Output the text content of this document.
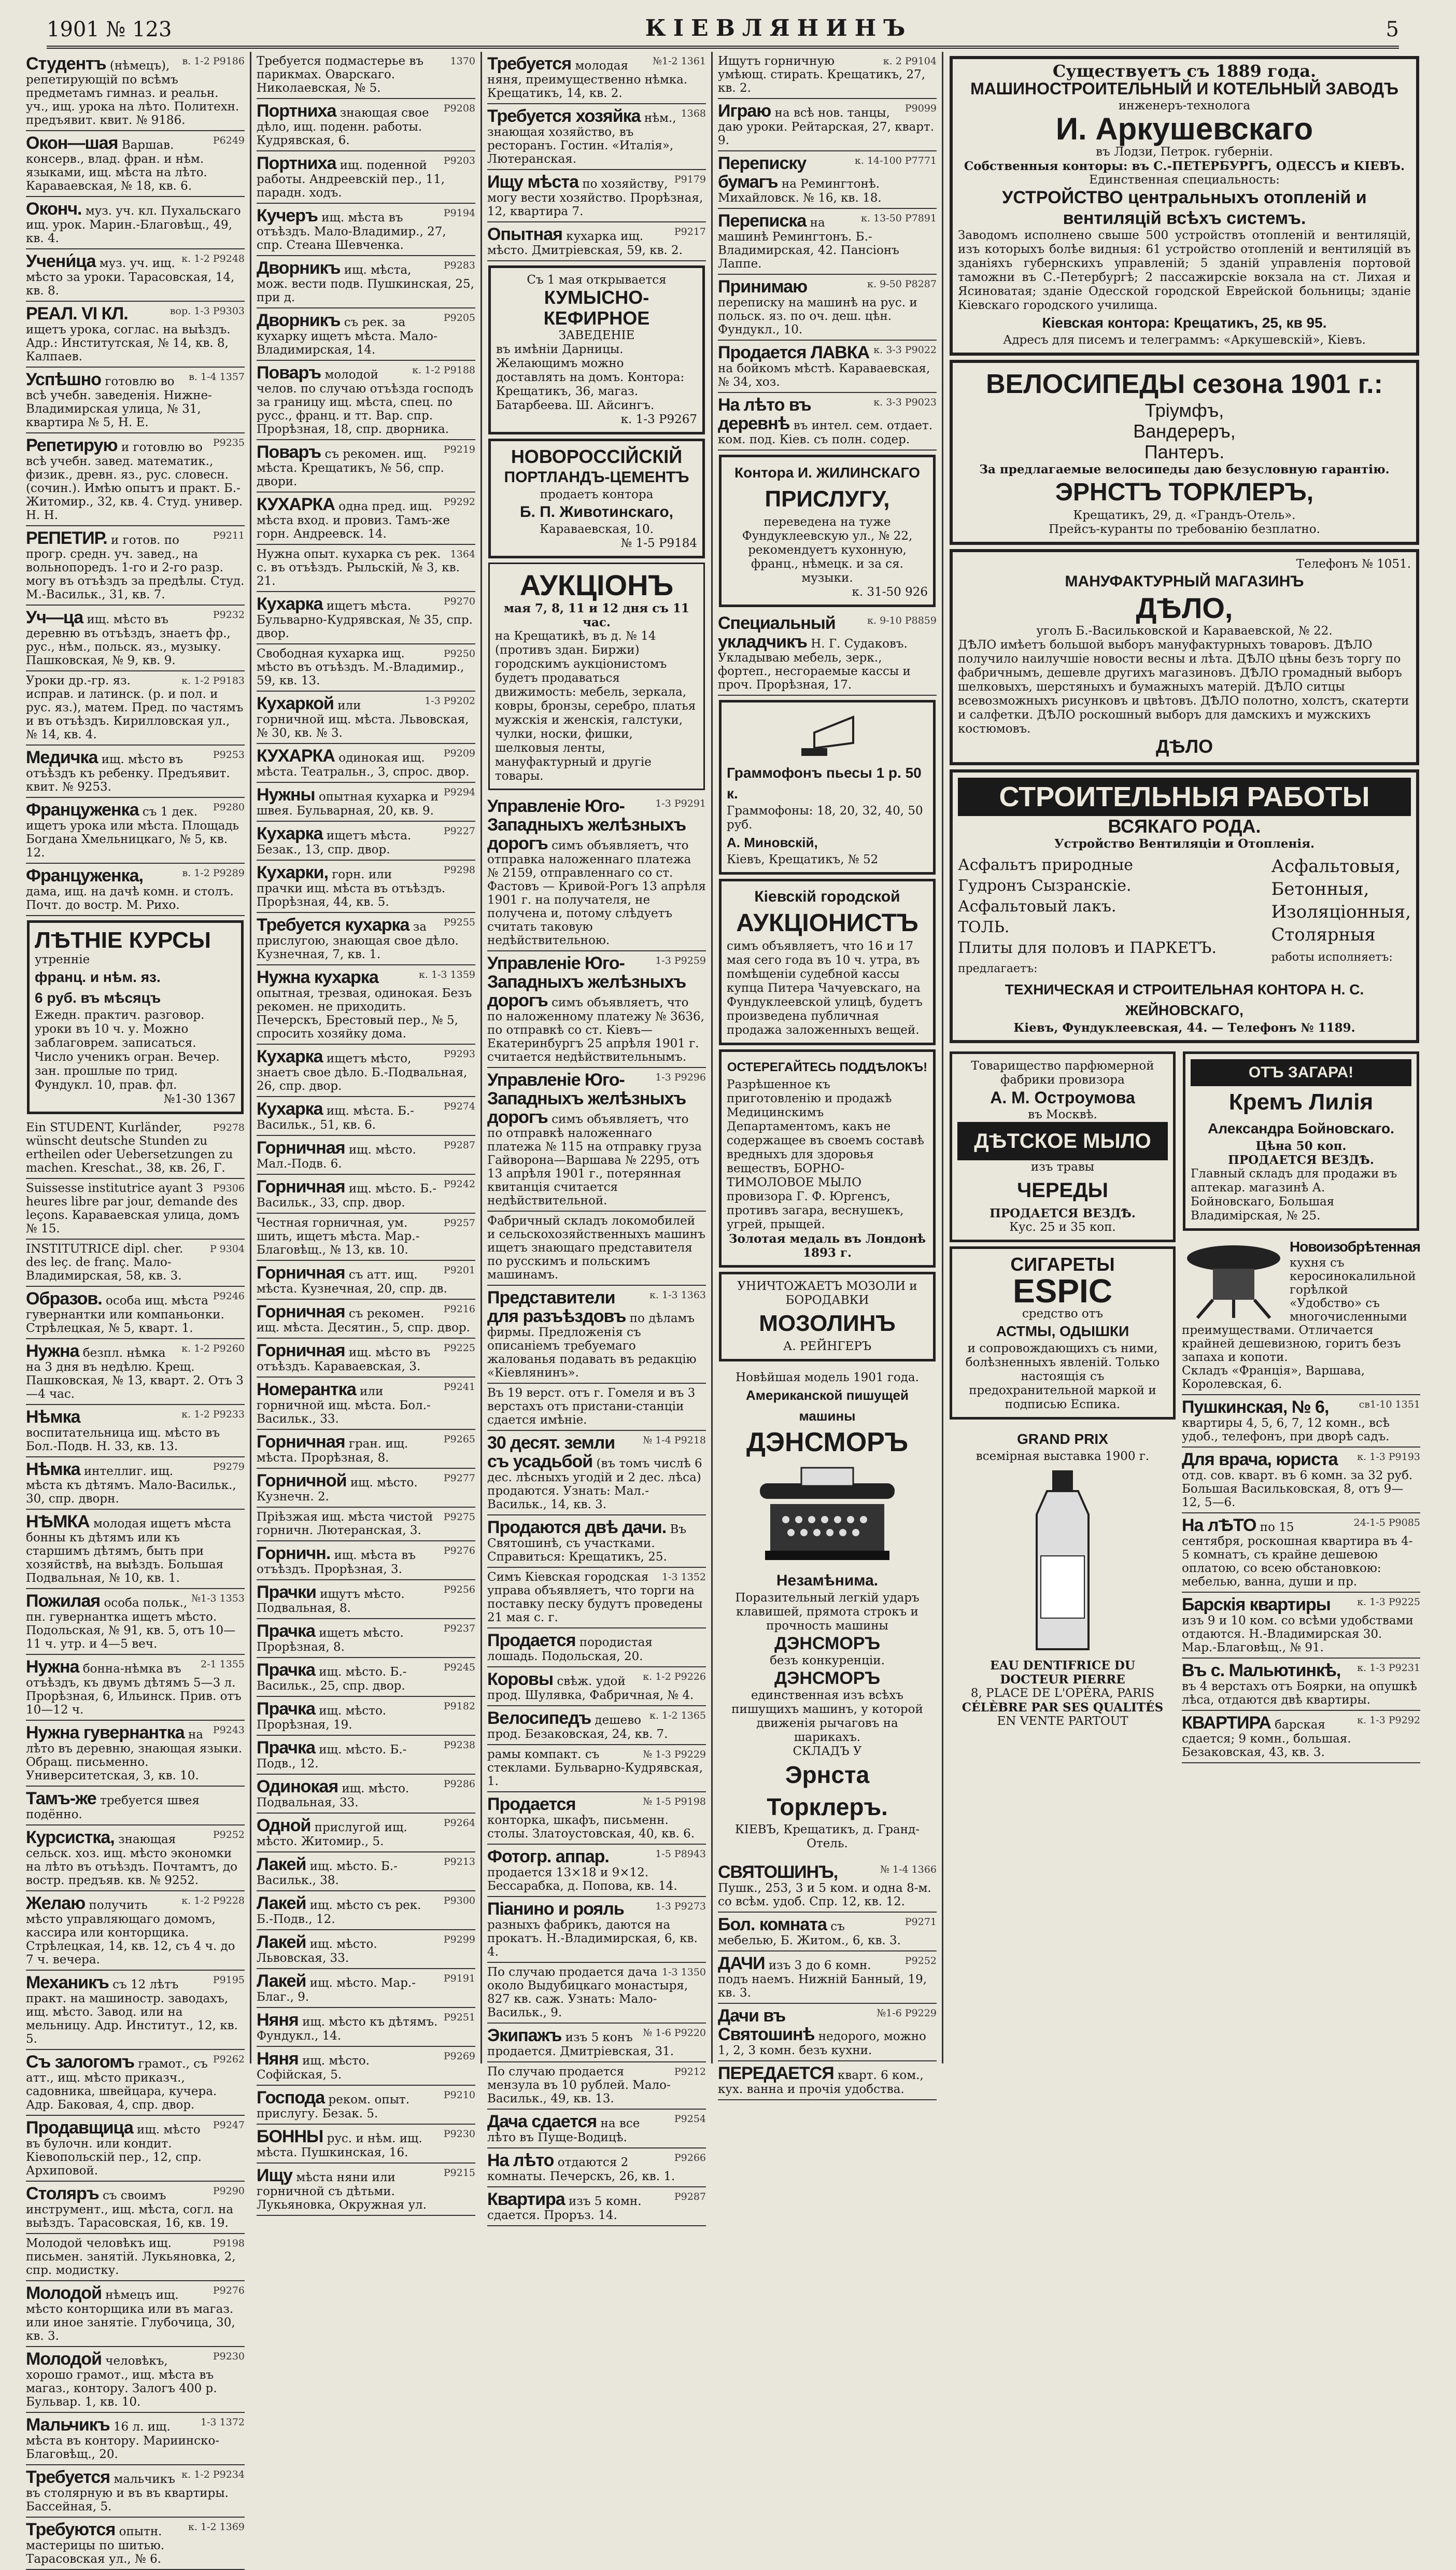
1901 № 123	КІЕВЛЯНИНЪ	5
в. 1-2 Р9186
Студентъ (нѣмецъ), репетирующій по всѣмъ предметамъ гимназ. и реальн. уч., ищ. урока на лѣто. Политехн. предъявит. квит. № 9186.
Р6249
Окон—шая Варшав. консерв., влад. фран. и нѣм. языками, ищ. мѣста на лѣто. Караваевская, № 18, кв. 6.
Оконч. муз. уч. кл. Пухальскаго ищ. урок. Марин.-Благовѣщ., 49, кв. 4.
к. 1-2 Р9248
Учени́ца муз. уч. ищ. мѣсто за уроки. Тарасовская, 14, кв. 8.
вор. 1-3 Р9303
РЕАЛ. VI КЛ. ищетъ урока, соглас. на выѣздъ. Адр.: Институтская, № 14, кв. 8, Калпаев.
в. 1-4 1357
Успѣшно готовлю во всѣ учебн. заведенія. Нижне-Владимирская улица, № 31, квартира № 5, Н. Е.
Р9235
Репетирую и готовлю во всѣ учебн. завед. математик., физик., древн. яз., рус. словесн. (сочин.). Имѣю опытъ и практ. Б.-Житомир., 32, кв. 4. Студ. универ. Н. Н.
Р9211
РЕПЕТИР. и готов. по прогр. средн. уч. завед., на вольнопоредъ. 1-го и 2-го разр. могу въ отъѣздъ за предѣлы. Студ. М.-Васильк., 31, кв. 7.
Р9232
Уч—ца ищ. мѣсто въ деревню въ отъѣздъ, знаетъ фр., рус., нѣм., польск. яз., музыку. Пашковская, № 9, кв. 9.
к. 1-2 Р9183
Уроки др.-гр. яз. исправ. и латинск. (р. и пол. и рус. яз.), матем. Пред. по частямъ и въ отъѣздъ. Кирилловская ул., № 14, кв. 4.
Р9253
Медичка ищ. мѣсто въ отъѣздъ къ ребенку. Предъявит. квит. № 9253.
Р9280
Француженка съ 1 дек. ищетъ урока или мѣста. Площадь Богдана Хмельницкаго, № 5, кв. 12.
в. 1-2 Р9289
Француженка, дама, ищ. на дачѣ комн. и столъ. Почт. до востр. М. Рихо.
ЛѢТНІЕ КУРСЫ
утренніе
франц. и нѣм. яз.
6 руб. въ мѣсяцъ
Ежедн. практич. разговор. уроки въ 10 ч. у. Можно заблаговрем. записаться. Число ученикъ огран. Вечер. зан. прошлые по трид. Фундукл. 10, прав. фл.
№1-30 1367
Р9278
Ein STUDENT, Kurländer, wünscht deutsche Stunden zu ertheilen oder Uebersetzungen zu machen. Kreschat., 38, кв. 26, Г.
Р9306
Suissesse institutrice ayant 3 heures libre par jour, demande des leçons. Караваевская улица, домъ № 15.
Р 9304
INSTITUTRICE dipl. cher. des leç. de franç. Мало-Владимирская, 58, кв. 3.
Р9246
Образов. особа ищ. мѣста гувернантки или компаньонки. Стрѣлецкая, № 5, кварт. 1.
к. 1-2 Р9260
Нужна безпл. нѣмка на 3 дня въ недѣлю. Крещ. Пашковская, № 13, кварт. 2. Отъ 3—4 час.
к. 1-2 Р9233
Нѣмка воспитательница ищ. мѣсто въ Бол.-Подв. Н. 33, кв. 13.
Р9279
Нѣмка интеллиг. ищ. мѣста къ дѣтямъ. Мало-Васильк., 30, спр. дворн.
НѢМКА молодая ищетъ мѣста бонны къ дѣтямъ или къ старшимъ дѣтямъ, быть при хозяйствѣ, на выѣздъ. Большая Подвальная, № 10, кв. 1.
№1-3 1353
Пожилая особа польк., пн. гувернантка ищетъ мѣсто. Подольская, № 91, кв. 5, отъ 10—11 ч. утр. и 4—5 веч.
2-1 1355
Нужна бонна-нѣмка въ отъѣздъ, къ двумъ дѣтямъ 5—3 л. Прорѣзная, 6, Ильинск. Прив. отъ 10—12 ч.
Р9243
Нужна гувернантка на лѣто въ деревню, знающая языки. Обращ. письменно. Университетская, 3, кв. 10.
Тамъ-же требуется швея подённо.
Р9252
Курсистка, знающая сельск. хоз. ищ. мѣсто экономки на лѣто въ отъѣздъ. Почтамтъ, до востр. предъяв. кв. № 9252.
к. 1-2 Р9228
Желаю получить мѣсто управляющаго домомъ, кассира или конторщика. Стрѣлецкая, 14, кв. 12, съ 4 ч. до 7 ч. вечера.
Р9195
Механикъ съ 12 лѣтъ практ. на машиностр. заводахъ, ищ. мѣсто. Завод. или на мельницу. Адр. Институт., 12, кв. 5.
Р9262
Съ залогомъ грамот., съ атт., ищ. мѣсто приказч., садовника, швейцара, кучера. Адр. Баковая, 4, спр. двор.
Р9247
Продавщица ищ. мѣсто въ булочн. или кондит. Кіевопольскій пер., 12, спр. Архиповой.
Р9290
Столяръ съ своимъ инструмент., ищ. мѣста, согл. на выѣздъ. Тарасовская, 16, кв. 19.
Р9198
Молодой человѣкъ ищ. письмен. занятій. Лукьяновка, 2, спр. модистку.
Р9276
Молодой нѣмецъ ищ. мѣсто конторщика или въ магаз. или иное занятіе. Глубочица, 30, кв. 3.
Р9230
Молодой человѣкъ, хорошо грамот., ищ. мѣста въ магаз., контору. Залогъ 400 р. Бульвар. 1, кв. 10.
1-3 1372
Мальчикъ 16 л. ищ. мѣста въ контору. Мариинско-Благовѣщ., 20.
к. 1-2 Р9234
Требуется мальчикъ въ столярную и въ въ квартиры. Бассейная, 5.
к. 1-2 1369
Требуются опытн. мастерицы по шитью. Тарасовская ул., № 6.
1370
Требуется подмастерье въ парикмах. Оварскаго. Николаевская, № 5.
Р9208
Портниха знающая свое дѣло, ищ. поденн. работы. Кудрявская, 6.
Р9203
Портниха ищ. поденной работы. Андреевскій пер., 11, парадн. ходъ.
Р9194
Кучеръ ищ. мѣста въ отъѣздъ. Мало-Владимир., 27, спр. Стеана Шевченка.
Р9283
Дворникъ ищ. мѣста, мож. вести подв. Пушкинская, 25, при д.
Р9205
Дворникъ съ рек. за кухарку ищетъ мѣста. Мало-Владимирская, 14.
к. 1-2 Р9188
Поваръ молодой челов. по случаю отъѣзда господъ за границу ищ. мѣста, спец. по русс., франц. и тт. Вар. спр. Прорѣзная, 18, спр. дворника.
Р9219
Поваръ съ рекомен. ищ. мѣста. Крещатикъ, № 56, спр. двори.
Р9292
КУХАРКА одна пред. ищ. мѣста вход. и провиз. Тамъ-же горн. Андреевск. 14.
1364
Нужна опыт. кухарка съ рек. с. въ отъѣздъ. Рыльскій, № 3, кв. 21.
Р9270
Кухарка ищетъ мѣста. Бульварно-Кудрявская, № 35, спр. двор.
Р9250
Свободная кухарка ищ. мѣсто въ отъѣздъ. М.-Владимир., 59, кв. 13.
1-3 Р9202
Кухаркой или горничной ищ. мѣста. Львовская, № 30, кв. № 3.
Р9209
КУХАРКА одинокая ищ. мѣста. Театральн., 3, спрос. двор.
Р9294
Нужны опытная кухарка и швея. Бульварная, 20, кв. 9.
Р9227
Кухарка ищетъ мѣста. Безак., 13, спр. двор.
Р9298
Кухарки, горн. или прачки ищ. мѣста въ отъѣздъ. Прорѣзная, 44, кв. 5.
Р9255
Требуется кухарка за прислугою, знающая свое дѣло. Кузнечная, 7, кв. 1.
к. 1-3 1359
Нужна кухарка опытная, трезвая, одинокая. Безъ рекомен. не приходить. Печерскъ, Брестовый пер., № 5, спросить хозяйку дома.
Р9293
Кухарка ищетъ мѣсто, знаетъ свое дѣло. Б.-Подвальная, 26, спр. двор.
Р9274
Кухарка ищ. мѣста. Б.-Васильк., 51, кв. 6.
Р9287
Горничная ищ. мѣсто. Мал.-Подв. 6.
Р9242
Горничная ищ. мѣсто. Б.-Васильк., 33, спр. двор.
Р9257
Честная горничная, ум. шить, ищетъ мѣста. Мар.-Благовѣщ., № 13, кв. 10.
Р9201
Горничная съ атт. ищ. мѣста. Кузнечная, 20, спр. дв.
Р9216
Горничная съ рекомен. ищ. мѣста. Десятин., 5, спр. двор.
Р9225
Горничная ищ. мѣсто въ отъѣздъ. Караваевская, 3.
Р9241
Номерантка или горничной ищ. мѣста. Бол.-Васильк., 33.
Р9265
Горничная гран. ищ. мѣста. Прорѣзная, 8.
Р9277
Горничной ищ. мѣсто. Кузнечн. 2.
Р9275
Пріѣзжая ищ. мѣста чистой горничн. Лютеранская, 3.
Р9276
Горничн. ищ. мѣста въ отъѣздъ. Прорѣзная, 3.
Р9256
Прачки ищутъ мѣсто. Подвальная, 8.
Р9237
Прачка ищетъ мѣсто. Прорѣзная, 8.
Р9245
Прачка ищ. мѣсто. Б.-Васильк., 25, спр. двор.
Р9182
Прачка ищ. мѣсто. Прорѣзная, 19.
Р9238
Прачка ищ. мѣсто. Б.-Подв., 12.
Р9286
Одинокая ищ. мѣсто. Подвальная, 33.
Р9264
Одной прислугой ищ. мѣсто. Житомир., 5.
Р9213
Лакей ищ. мѣсто. Б.-Васильк., 38.
Р9300
Лакей ищ. мѣсто съ рек. Б.-Подв., 12.
Р9299
Лакей ищ. мѣсто. Львовская, 33.
Р9191
Лакей ищ. мѣсто. Мар.-Благ., 9.
Р9251
Няня ищ. мѣсто къ дѣтямъ. Фундукл., 14.
Р9269
Няня ищ. мѣсто. Софійская, 5.
Р9210
Господа реком. опыт. прислугу. Безак. 5.
Р9230
БОННЫ рус. и нѣм. ищ. мѣста. Пушкинская, 16.
Р9215
Ищу мѣста няни или горничной съ дѣтьми. Лукьяновка, Окружная ул.
№1-2 1361
Требуется молодая няня, преимущественно нѣмка. Крещатикъ, 14, кв. 2.
1368
Требуется хозяйка нѣм., знающая хозяйство, въ ресторанъ. Гостин. «Италія», Лютеранская.
Р9179
Ищу мѣста по хозяйству, могу вести хозяйство. Прорѣзная, 12, квартира 7.
Р9217
Опытная кухарка ищ. мѣсто. Дмитріевская, 59, кв. 2.
Съ 1 мая открывается
КУМЫСНО-КЕФИРНОЕ
ЗАВЕДЕНІЕ
въ имѣніи Дарницы. Желающимъ можно доставлять на домъ. Контора: Крещатикъ, 36, магаз. Батарбеева. Ш. Айсингъ.
к. 1-3 Р9267
НОВОРОССІЙСКІЙ
ПОРТЛАНДЪ-ЦЕМЕНТЪ
продаетъ контора
Б. П. Животинскаго,
Караваевская, 10.
№ 1-5 Р9184
АУКЦІОНЪ
мая 7, 8, 11 и 12 дня съ 11 час.
на Крещатикѣ, въ д. № 14 (противъ здан. Биржи) городскимъ аукціонистомъ будетъ продаваться движимость: мебель, зеркала, ковры, бронзы, серебро, платья мужскія и женскія, галстуки, чулки, носки, фишки, шелковыя ленты, мануфактурный и другіе товары.
1-3 Р9291
Управленіе Юго-Западныхъ желѣзныхъ дорогъ симъ объявляетъ, что отправка наложеннаго платежа № 2159, отправленнаго со ст. Фастовъ — Кривой-Рогъ 13 апрѣля 1901 г. на получателя, не получена и, потому слѣдуетъ считать таковую недѣйствительною.
1-3 Р9259
Управленіе Юго-Западныхъ желѣзныхъ дорогъ симъ объявляетъ, что по наложенному платежу № 3636, по отправкѣ со ст. Кіевъ—Екатеринбургъ 25 апрѣля 1901 г. считается недѣйствительнымъ.
1-3 Р9296
Управленіе Юго-Западныхъ желѣзныхъ дорогъ симъ объявляетъ, что по отправкѣ наложеннаго платежа № 115 на отправку груза Гайворона—Варшава № 2295, отъ 13 апрѣля 1901 г., потерянная квитанція считается недѣйствительной.
Фабричный складъ локомобилей и сельскохозяйственныхъ машинъ ищетъ знающаго представителя по русскимъ и польскимъ машинамъ.
к. 1-3 1363
Представители для разъѣздовъ по дѣламъ фирмы. Предложенія съ описаніемъ требуемаго жалованья подавать въ редакцію «Кіевлянинъ».
Въ 19 верст. отъ г. Гомеля и въ 3 верстахъ отъ пристани-станціи сдается имѣніе.
№ 1-4 Р9218
30 десят. земли съ усадьбой (въ томъ числѣ 6 дес. лѣсныхъ угодій и 2 дес. лѣса) продаются. Узнать: Мал.-Васильк., 14, кв. 3.
Продаются двѣ дачи. Въ Святошинѣ, съ участками. Справиться: Крещатикъ, 25.
1-3 1352
Симъ Кіевская городская управа объявляетъ, что торги на поставку песку будутъ проведены 21 мая с. г.
Продается породистая лошадь. Подольская, 20.
к. 1-2 Р9226
Коровы свѣж. удой прод. Шулявка, Фабричная, № 4.
к. 1-2 1365
Велосипедъ дешево прод. Безаковская, 24, кв. 7.
№ 1-3 Р9229
рамы компакт. съ стеклами. Бульварно-Кудрявская, 1.
№ 1-5 Р9198
Продается конторка, шкафъ, письменн. столы. Златоустовская, 40, кв. 6.
1-5 Р8943
Фотогр. аппар. продается 13×18 и 9×12. Бессарабка, д. Попова, кв. 14.
1-3 Р9273
Піанино и рояль разныхъ фабрикъ, даются на прокатъ. Н.-Владимирская, 6, кв. 4.
1-3 1350
По случаю продается дача около Выдубицкаго монастыря, 827 кв. саж. Узнать: Мало-Васильк., 9.
№ 1-6 Р9220
Экипажъ изъ 5 конъ продается. Дмитріевская, 31.
Р9212
По случаю продается мензула въ 10 рублей. Мало-Васильк., 49, кв. 13.
Р9254
Дача сдается на все лѣто въ Пуще-Водицѣ.
Р9266
На лѣто отдаются 2 комнаты. Печерскъ, 26, кв. 1.
Р9287
Квартира изъ 5 комн. сдается. Проръз. 14.
к. 2 Р9104
Ищутъ горничную умѣющ. стирать. Крещатикъ, 27, кв. 2.
Р9099
Играю на всѣ нов. танцы, даю уроки. Рейтарская, 27, кварт. 9.
к. 14-100 Р7771
Переписку бумагъ на Ремингтонѣ. Михайловск. № 16, кв. 18.
к. 13-50 Р7891
Переписка на машинѣ Ремингтонъ. Б.-Владимирская, 42. Пансіонъ Лаппе.
к. 9-50 Р8287
Принимаю переписку на машинѣ на рус. и польск. яз. по оч. деш. цѣн. Фундукл., 10.
к. 3-3 Р9022
Продается ЛАВКА на бойкомъ мѣстѣ. Караваевская, № 34, хоз.
к. 3-3 Р9023
На лѣто въ деревнѣ въ интел. сем. отдает. ком. под. Кіев. съ полн. содер.
Контора И. ЖИЛИНСКАГО
ПРИСЛУГУ,
переведена на туже Фундуклеевскую ул., № 22, рекомендуетъ кухонную, франц., нѣмецк. и за ся. музыки.
к. 31-50 926
к. 9-10 Р8859
Специальный укладчикъ Н. Г. Судаковъ. Укладываю мебель, зерк., фортеп., несгораемые кассы и проч. Прорѣзная, 17.
Граммофонъ пьесы 1 р. 50 к.
Граммофоны: 18, 20, 32, 40, 50 руб.
А. Миновскій,
Кіевъ, Крещатикъ, № 52
Кіевскій городской
АУКЦІОНИСТЪ
симъ объявляетъ, что 16 и 17 мая сего года въ 10 ч. утра, въ помѣщеніи судебной кассы купца Питера Чачуевскаго, на Фундуклеевской улицѣ, будетъ произведена публичная продажа заложенныхъ вещей.
ОСТЕРЕГАЙТЕСЬ ПОДДѢЛОКЪ!
Разрѣшенное къ приготовленію и продажѣ Медицинскимъ Департаментомъ, какъ не содержащее въ своемъ составѣ вредныхъ для здоровья веществъ, БОРНО-ТИМОЛОВОЕ МЫЛО провизора Г. Ф. Юргенсъ, противъ загара, веснушекъ, угрей, прыщей.
Золотая медаль въ Лондонѣ 1893 г.
УНИЧТОЖАЕТЪ МОЗОЛИ и БОРОДАВКИ
МОЗОЛИНЪ
А. РЕЙНГЕРЪ
Новѣйшая модель 1901 года.
Американской пишущей машины
ДЭНСМОРЪ
Незамѣнима.
Поразительный легкій ударъ клавишей, прямота строкъ и прочность машины
ДЭНСМОРЪ
безъ конкуренціи.
ДЭНСМОРЪ
единственная изъ всѣхъ пишущихъ машинъ, у которой движенія рычаговъ на шарикахъ.
СКЛАДЪ У
Эрнста Торклеръ.
КІЕВЪ, Крещатикъ, д. Гранд-Отель.
№ 1-4 1366
СВЯТОШИНЪ, Пушк., 253, 3 и 5 ком. и одна 8-м. со всѣм. удоб. Спр. 12, кв. 12.
Р9271
Бол. комната съ мебелью, Б. Житом., 6, кв. 3.
Р9252
ДАЧИ изъ 3 до 6 комн. подъ наемъ. Нижній Банный, 19, кв. 3.
№1-6 Р9229
Дачи въ Святошинѣ недорого, можно 1, 2, 3 комн. безъ кухни.
ПЕРЕДАЕТСЯ кварт. 6 ком., кух. ванна и прочія удобства.
Существуетъ съ 1889 года.
МАШИНОСТРОИТЕЛЬНЫЙ И КОТЕЛЬНЫЙ ЗАВОДЪ
инженеръ-технолога
И. Аркушевскаго
въ Лодзи, Петрок. губерніи.
Собственныя конторы: въ С.-ПЕТЕРБУРГЪ, ОДЕССЪ и КІЕВЪ.
Единственная специальность:
УСТРОЙСТВО центральныхъ отопленій и вентиляцій всѣхъ системъ.
Заводомъ исполнено свыше 500 устройствъ отопленій и вентиляцій, изъ которыхъ болѣе видныя: 61 устройство отопленій и вентиляцій въ зданіяхъ губернскихъ управленій; 5 зданій управленія портовой таможни въ С.-Петербургѣ; 2 пассажирскіе вокзала на ст. Лихая и Ясиноватая; зданіе Одесской городской Еврейской больницы; зданіе Кіевскаго городского училища.
Кіевская контора: Крещатикъ, 25, кв 95.
Адресъ для писемъ и телеграммъ: «Аркушевскій», Кіевъ.
ВЕЛОСИПЕДЫ сезона 1901 г.:
Тріумфъ,
Вандереръ,
Пантеръ.
За предлагаемые велосипеды даю безусловную гарантію.
ЭРНСТЪ ТОРКЛЕРЪ,
Крещатикъ, 29, д. «Грандъ-Отель».
Прейсъ-куранты по требованію безплатно.
Телефонъ № 1051.
МАНУФАКТУРНЫЙ МАГАЗИНЪ
ДѢЛО,
уголъ Б.-Васильковской и Караваевской, № 22.
ДѢЛО имѣетъ большой выборъ мануфактурныхъ товаровъ. ДѢЛО получило наилучшіе новости весны и лѣта. ДѢЛО цѣны безъ торгу по фабричнымъ, дешевле другихъ магазиновъ. ДѢЛО громадный выборъ шелковыхъ, шерстяныхъ и бумажныхъ матерій. ДѢЛО ситцы всевозможныхъ рисунковъ и цвѣтовъ. ДѢЛО полотно, холстъ, скатерти и салфетки. ДѢЛО роскошный выборъ для дамскихъ и мужскихъ костюмовъ.
ДѢЛО
СТРОИТЕЛЬНЫЯ РАБОТЫ
ВСЯКАГО РОДА.
Устройство Вентиляціи и Отопленія.
Асфальтъ природные
Гудронъ Сызранскіе.
Асфальтовый лакъ.
ТОЛЬ.
Плиты для половъ и ПАРКЕТЪ.
предлагаетъ:
Асфальтовыя,
Бетонныя,
Изоляціонныя,
Столярныя
работы исполняетъ:
ТЕХНИЧЕСКАЯ И СТРОИТЕЛЬНАЯ КОНТОРА Н. С. ЖЕЙНОВСКАГО,
Кіевъ, Фундуклеевская, 44. — Телефонъ № 1189.
Товарищество парфюмерной фабрики провизора
А. М. Остроумова
въ Москвѣ.
ДѢТСКОЕ МЫЛО
изъ травы
ЧЕРЕДЫ
ПРОДАЕТСЯ ВЕЗДѢ.
Кус. 25 и 35 коп.
СИГАРЕТЫ
ESPIC
средство отъ
АСТМЫ, ОДЫШКИ
и сопровождающихъ съ ними, болѣзненныхъ явленій. Только настоящія съ предохранительной маркой и подписью Еспика.
GRAND PRIX
всемірная выставка 1900 г.
EAU DENTIFRICE DU DOCTEUR PIERRE
8, PLACE DE L'OPÉRA, PARIS
CÉLÈBRE PAR SES QUALITÉS
EN VENTE PARTOUT
ОТЪ ЗАГАРА!
Кремъ Лилія
Александра Бойновскаго.
Цѣна 50 коп.
ПРОДАЕТСЯ ВЕЗДѢ.
Главный складъ для продажи въ аптекар. магазинѣ А. Бойновскаго, Большая Владимірская, № 25.
Новоизобрѣтенная
кухня съ керосинокалильной горѣлкой «Удобство» съ многочисленными преимуществами. Отличается крайней дешевизною, горитъ безъ запаха и копоти.
Складъ «Франція», Варшава, Королевская, 6.
св1-10 1351
Пушкинская, № 6, квартиры 4, 5, 6, 7, 12 комн., всѣ удоб., телефонъ, при дворѣ садъ.
к. 1-3 Р9193
Для врача, юриста отд. сов. кварт. въ 6 комн. за 32 руб. Большая Васильковская, 8, отъ 9—12, 5—6.
24-1-5 Р9085
На лѢТО по 15 сентября, роскошная квартира въ 4-5 комнатъ, съ крайне дешевою оплатою, со всею обстановкою: мебелью, ванна, души и пр.
к. 1-3 Р9225
Барскія квартиры изъ 9 и 10 ком. со всѣми удобствами отдаются. Н.-Владимирская 30. Мар.-Благовѣщ., № 91.
к. 1-3 Р9231
Въ с. Мальютинкѣ, въ 4 верстахъ отъ Боярки, на опушкѣ лѣса, отдаются двѣ квартиры.
к. 1-3 Р9292
КВАРТИРА барская сдается; 9 комн., большая. Безаковская, 43, кв. 3.
